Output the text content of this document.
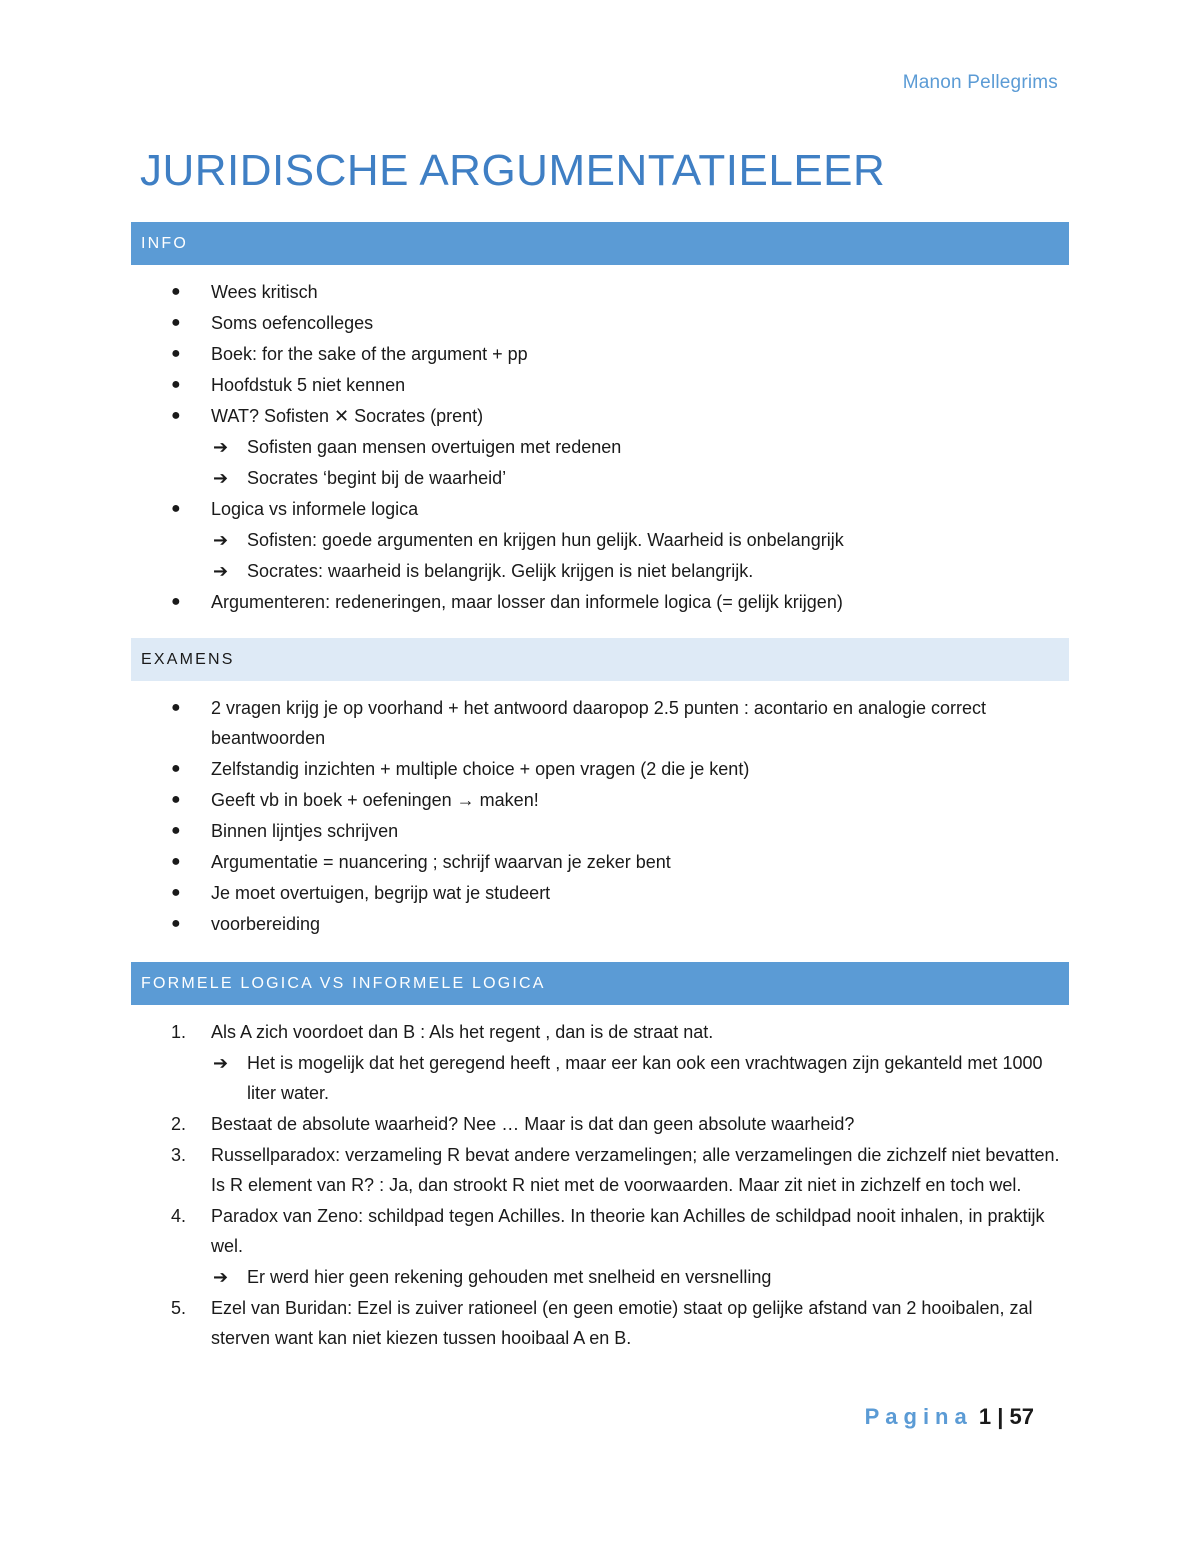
Manon Pellegrims
JURIDISCHE ARGUMENTATIELEER
INFO
●	Wees kritisch
●	Soms oefencolleges
●	Boek: for the sake of the argument + pp
●	Hoofdstuk 5 niet kennen
●	WAT? Sofisten ✕ Socrates (prent)
➔	Sofisten gaan mensen overtuigen met redenen
➔	Socrates ‘begint bij de waarheid’
●	Logica vs informele logica
➔	Sofisten: goede argumenten en krijgen hun gelijk. Waarheid is onbelangrijk
➔	Socrates: waarheid is belangrijk. Gelijk krijgen is niet belangrijk.
●	Argumenteren: redeneringen, maar losser dan informele logica (= gelijk krijgen)
EXAMENS
●	2 vragen krijg je op voorhand + het antwoord daaropop 2.5 punten : acontario en analogie correct beantwoorden
●	Zelfstandig inzichten + multiple choice + open vragen (2 die je kent)
●	Geeft vb in boek + oefeningen → maken!
●	Binnen lijntjes schrijven
●	Argumentatie = nuancering ; schrijf waarvan je zeker bent
●	Je moet overtuigen, begrijp wat je studeert
●	voorbereiding
FORMELE LOGICA VS INFORMELE LOGICA
1.	Als A zich voordoet dan B : Als het regent , dan is de straat nat.
➔	Het is mogelijk dat het geregend heeft , maar eer kan ook een vrachtwagen zijn gekanteld met 1000 liter water.
2.	Bestaat de absolute waarheid? Nee … Maar is dat dan geen absolute waarheid?
3.	Russellparadox: verzameling R bevat andere verzamelingen; alle verzamelingen die zichzelf niet bevatten. Is R element van R? : Ja, dan strookt R niet met de voorwaarden. Maar zit niet in zichzelf en toch wel.
4.	Paradox van Zeno: schildpad tegen Achilles. In theorie kan Achilles de schildpad nooit inhalen, in praktijk wel.
➔	Er werd hier geen rekening gehouden met snelheid en versnelling
5.	Ezel van Buridan: Ezel is zuiver rationeel (en geen emotie) staat op gelijke afstand van 2 hooibalen, zal sterven want kan niet kiezen tussen hooibaal A en B.
Pagina 1 | 57
